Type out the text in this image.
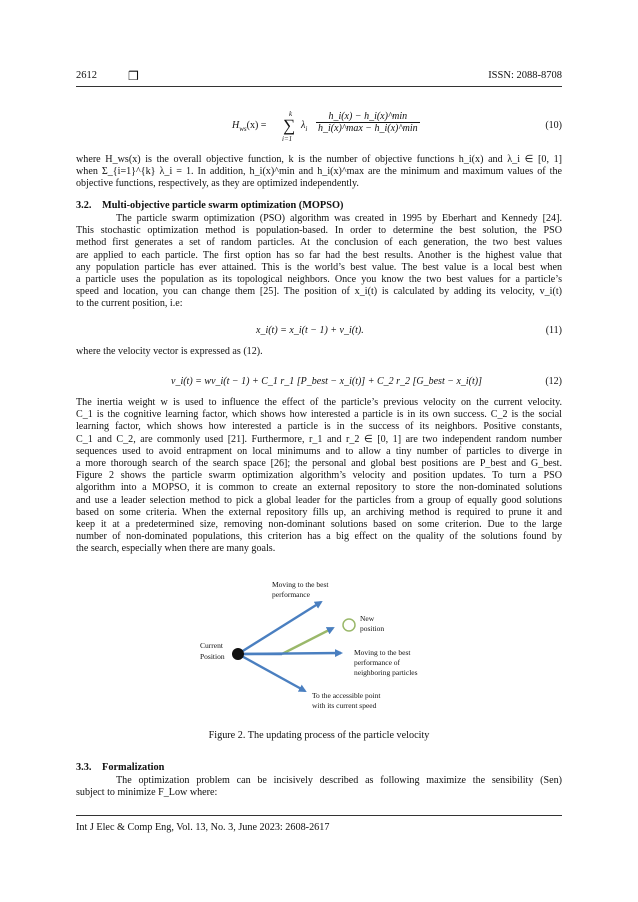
2612	❒	ISSN: 2088-8708
$H_{ws}(x)$ =
k
∑
i=1
$\lambda_i$
h_i(x) − h_i(x)^min
h_i(x)^max − h_i(x)^min	(10)
where H_ws(x) is the overall objective function, k is the number of objective functions h_i(x) and λ_i ∈ [0, 1]
when Σ_{i=1}^{k} λ_i = 1. In addition, h_i(x)^min and h_i(x)^max are the minimum and maximum values of the
objective functions, respectively, as they are optimized independently.
3.2. Multi-objective particle swarm optimization (MOPSO)
The particle swarm optimization (PSO) algorithm was created in 1995 by Eberhart and Kennedy [24].
This stochastic optimization method is population-based. In order to determine the best solution, the PSO
method first generates a set of random particles. At the conclusion of each generation, the two best values
are applied to each particle. The first option has so far had the best results. Another is the highest value that
any population particle has ever attained. This is the world’s best value. The best value is a local best when
a particle uses the population as its topological neighbors. Once you know the two best values for a particle’s
speed and location, you can change them [25]. The position of x_i(t) is calculated by adding its velocity, v_i(t)
to the current position, i.e:
x_i(t) = x_i(t − 1) + v_i(t).	(11)
where the velocity vector is expressed as (12).
v_i(t) = wv_i(t − 1) + C_1 r_1 [P_best − x_i(t)] + C_2 r_2 [G_best − x_i(t)]	(12)
The inertia weight w is used to influence the effect of the particle’s previous velocity on the current velocity.
C_1 is the cognitive learning factor, which shows how interested a particle is in its own success. C_2 is the social
learning factor, which shows how interested a particle is in the success of its neighbors. Positive constants,
C_1 and C_2, are commonly used [21]. Furthermore, r_1 and r_2 ∈ [0, 1] are two independent random number
sequences used to avoid entrapment on local minimums and to allow a tiny number of particles to diverge in
a more thorough search of the search space [26]; the personal and global best positions are P_best and G_best.
Figure 2 shows the particle swarm optimization algorithm’s velocity and position updates. To turn a PSO
algorithm into a MOPSO, it is common to create an external repository to store the non-dominated solutions
and use a leader selection method to pick a global leader for the particles from a group of equally good solutions
based on some criteria. When the external repository fills up, an archiving method is required to prune it and
keep it at a predetermined size, removing non-dominant solutions based on some criterion. Due to the large
number of non-dominated populations, this criterion has a big effect on the quality of the solutions found by
the search, especially when there are many goals.
Moving to the best
performance
New
position
Current
Position	Moving to the best
performance of
neighboring particles
To the accessible point
with its current speed
Figure 2. The updating process of the particle velocity
3.3. Formalization
The optimization problem can be incisively described as following maximize the sensibility (Sen)
subject to minimize F_Low where:
Int J Elec & Comp Eng, Vol. 13, No. 3, June 2023: 2608-2617
